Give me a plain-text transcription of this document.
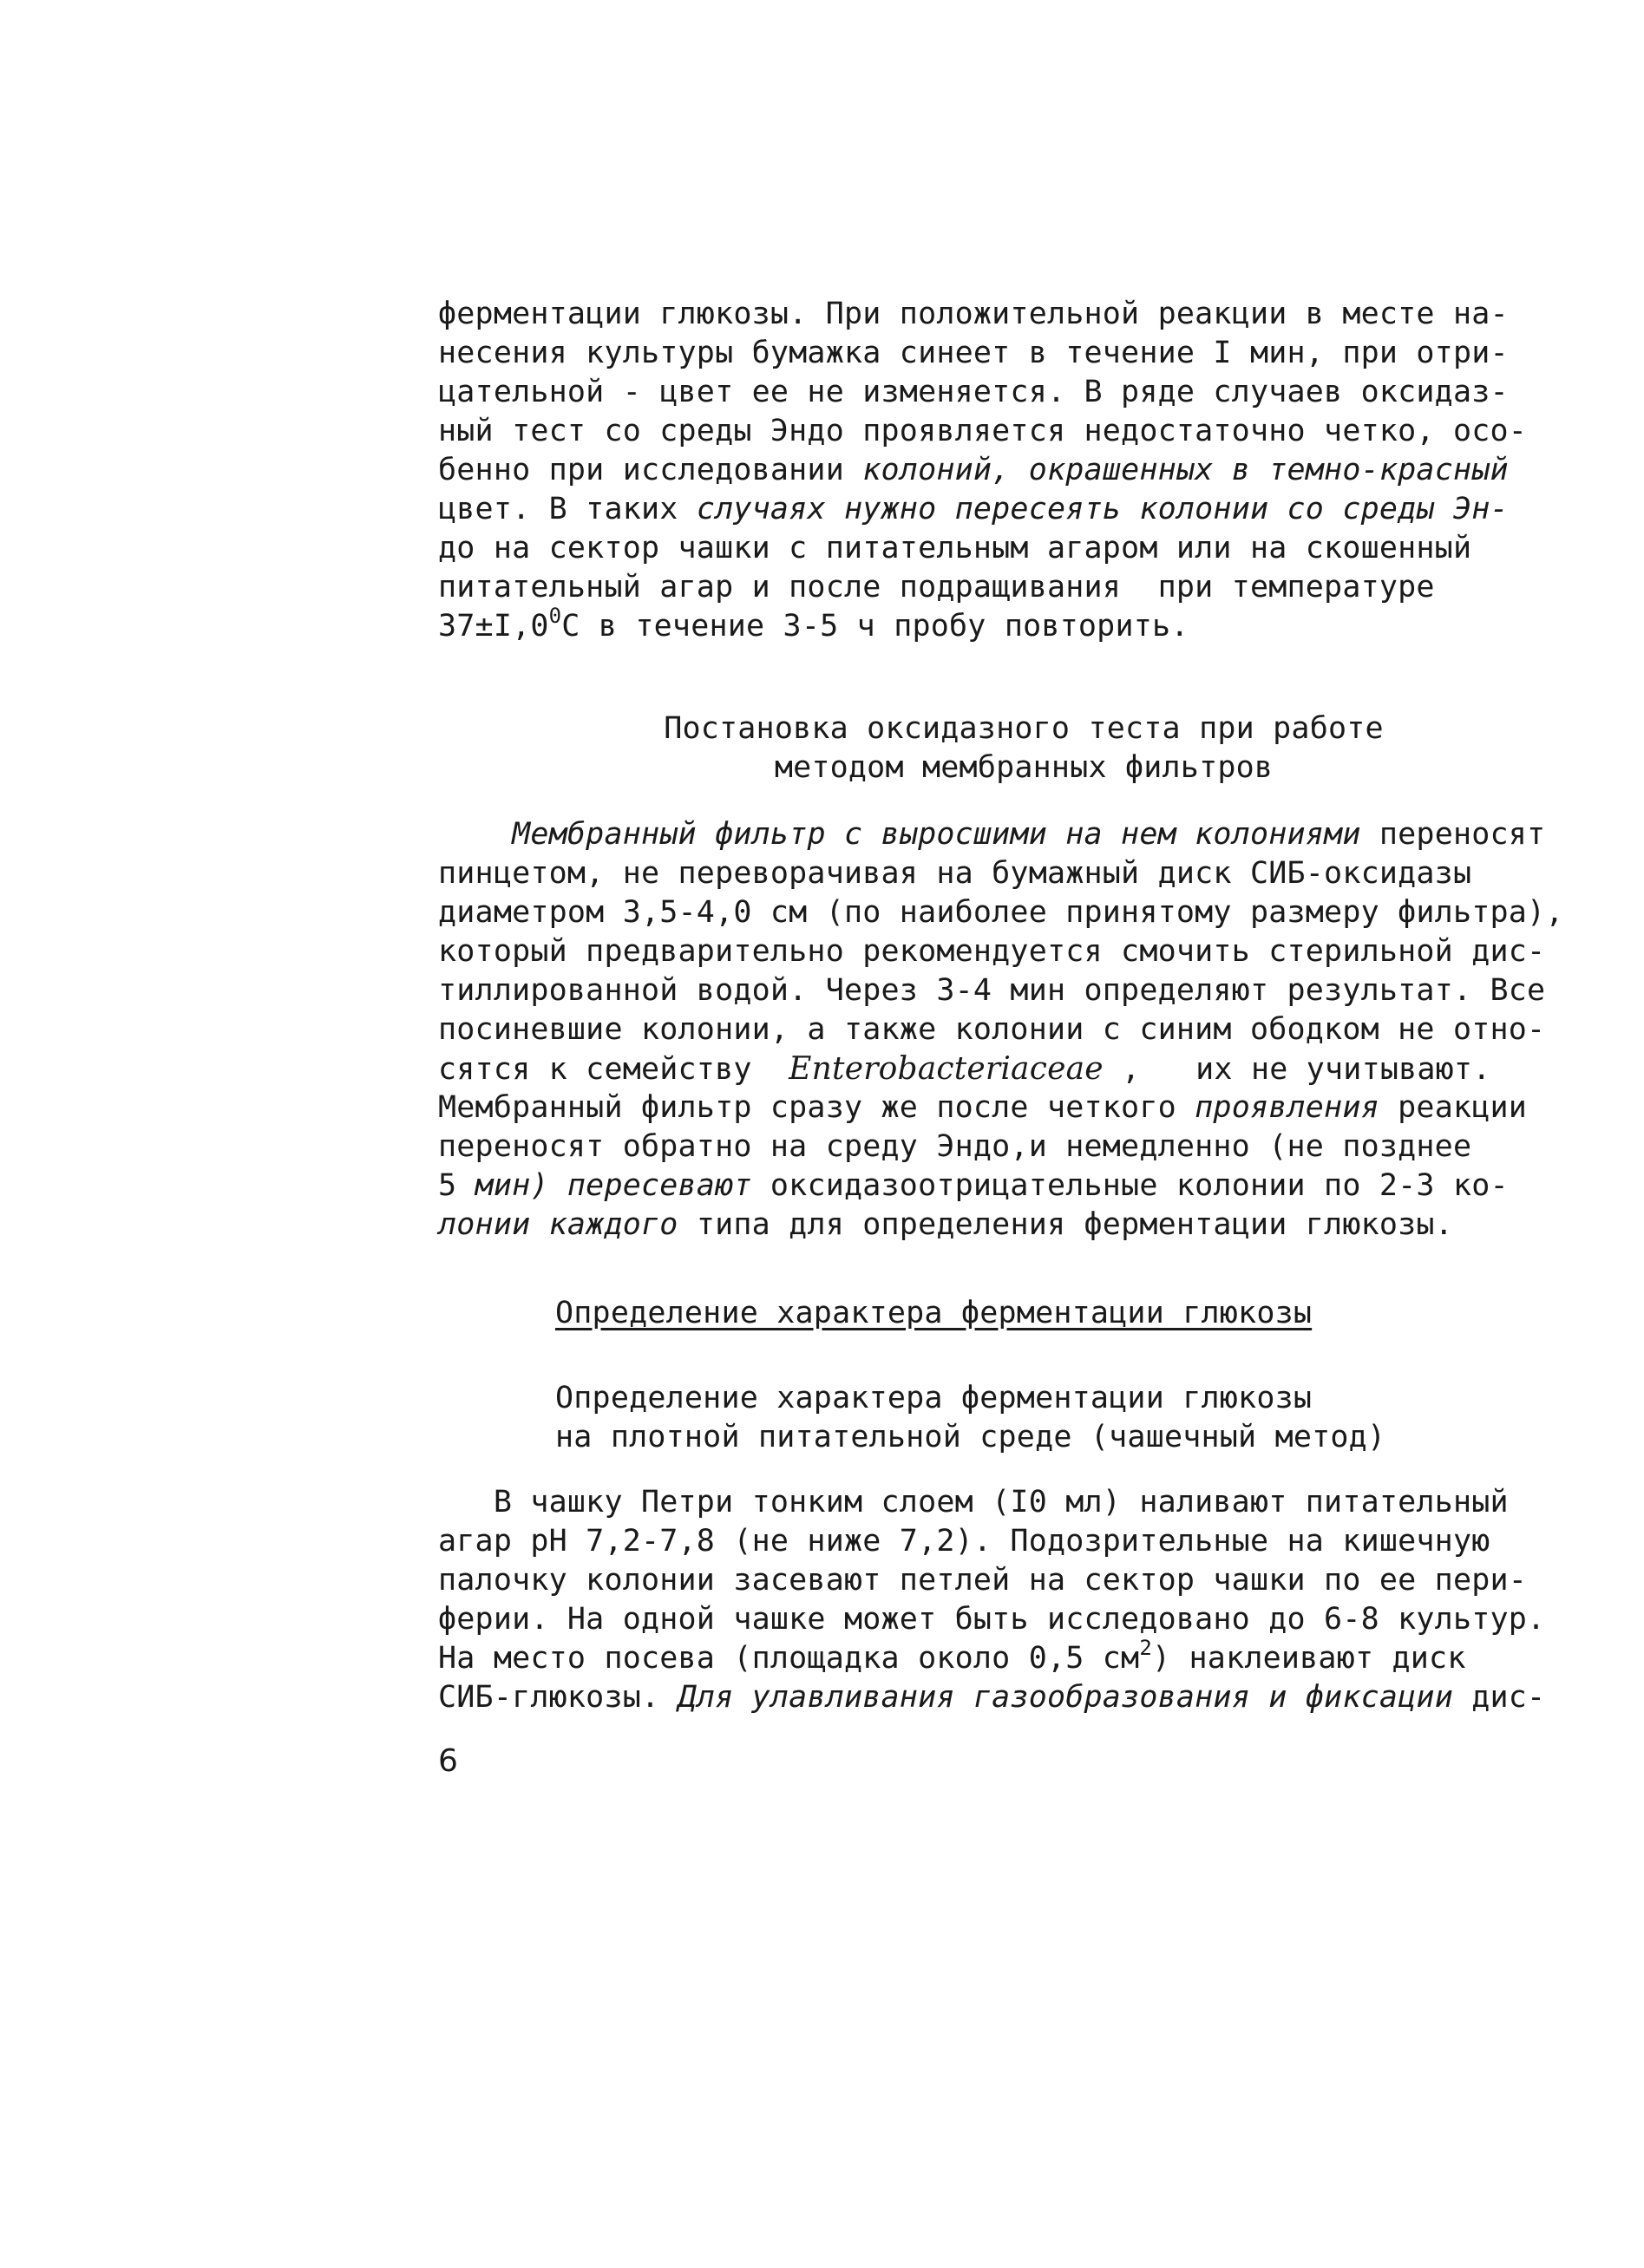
ферментации глюкозы. При положительной реакции в месте на-
несения культуры бумажка синеет в течение I мин, при отри-
цательной - цвет ее не изменяется. В ряде случаев оксидаз-
ный тест со среды Эндо проявляется недостаточно четко, осо-
бенно при исследовании колоний, окрашенных в темно-красный
цвет. В таких случаях нужно пересеять колонии со среды Эн-
до на сектор чашки с питательным агаром или на скошенный
питательный агар и после подращивания  при температуре
$37\pm I,0^0С$ в течение 3-5 ч пробу повторить.
Постановка оксидазного теста при работе
методом мембранных фильтров
Мембранный фильтр с выросшими на нем колониями переносят
пинцетом, не переворачивая на бумажный диск СИБ-оксидазы
диаметром 3,5-4,0 см (по наиболее принятому размеру фильтра),
который предварительно рекомендуется смочить стерильной дис-
тиллированной водой. Через 3-4 мин определяют результат. Все
посиневшие колонии, а также колонии с синим ободком не отно-
сятся к семейству  Enterobacteriaceae ,   их не учитывают.
Мембранный фильтр сразу же после четкого проявления реакции
переносят обратно на среду Эндо,и немедленно (не позднее
5 мин) пересевают оксидазоотрицательные колонии по 2-3 ко-
лонии каждого типа для определения ферментации глюкозы.
Определение характера ферментации глюкозы
Определение характера ферментации глюкозы
на плотной питательной среде (чашечный метод)
В чашку Петри тонким слоем (I0 мл) наливают питательный
агар рН 7,2-7,8 (не ниже 7,2). Подозрительные на кишечную
палочку колонии засевают петлей на сектор чашки по ее пери-
ферии. На одной чашке может быть исследовано до 6-8 культур.
На место посева (площадка около 0,5 $см^2$) наклеивают диск
СИБ-глюкозы. Для улавливания газообразования и фиксации дис-
6
